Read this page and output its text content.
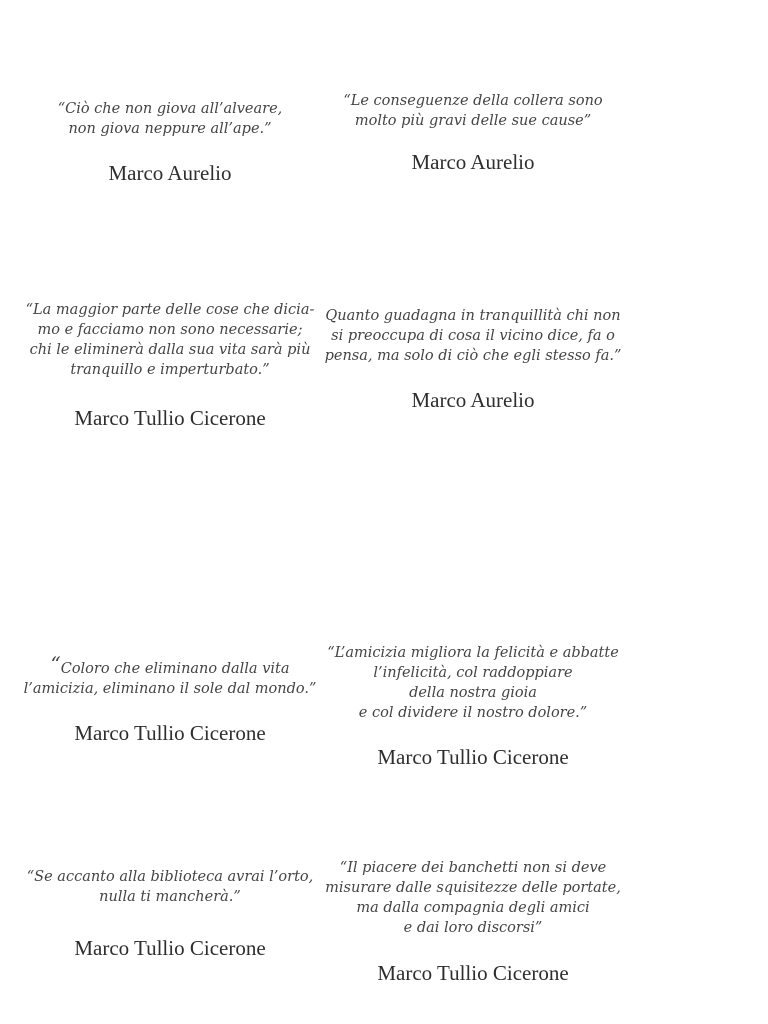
“Ciò che non giova all’alveare,
non giova neppure all’ape.”
Marco Aurelio
“Le conseguenze della collera sono
molto più gravi delle sue cause”
Marco Aurelio
“La maggior parte delle cose che dicia-
mo e facciamo non sono necessarie;
chi le eliminerà dalla sua vita sarà più
tranquillo e imperturbato.”
Marco Tullio Cicerone
Quanto guadagna in tranquillità chi non
si preoccupa di cosa il vicino dice, fa o
pensa, ma solo di ciò che egli stesso fa.”
Marco Aurelio
“Coloro che eliminano dalla vita
l’amicizia, eliminano il sole dal mondo.”
Marco Tullio Cicerone
“L’amicizia migliora la felicità e abbatte
l’infelicità, col raddoppiare
della nostra gioia
e col dividere il nostro dolore.”
Marco Tullio Cicerone
“Se accanto alla biblioteca avrai l’orto,
nulla ti mancherà.”
Marco Tullio Cicerone
“Il piacere dei banchetti non si deve
misurare dalle squisitezze delle portate,
ma dalla compagnia degli amici
e dai loro discorsi”
Marco Tullio Cicerone
